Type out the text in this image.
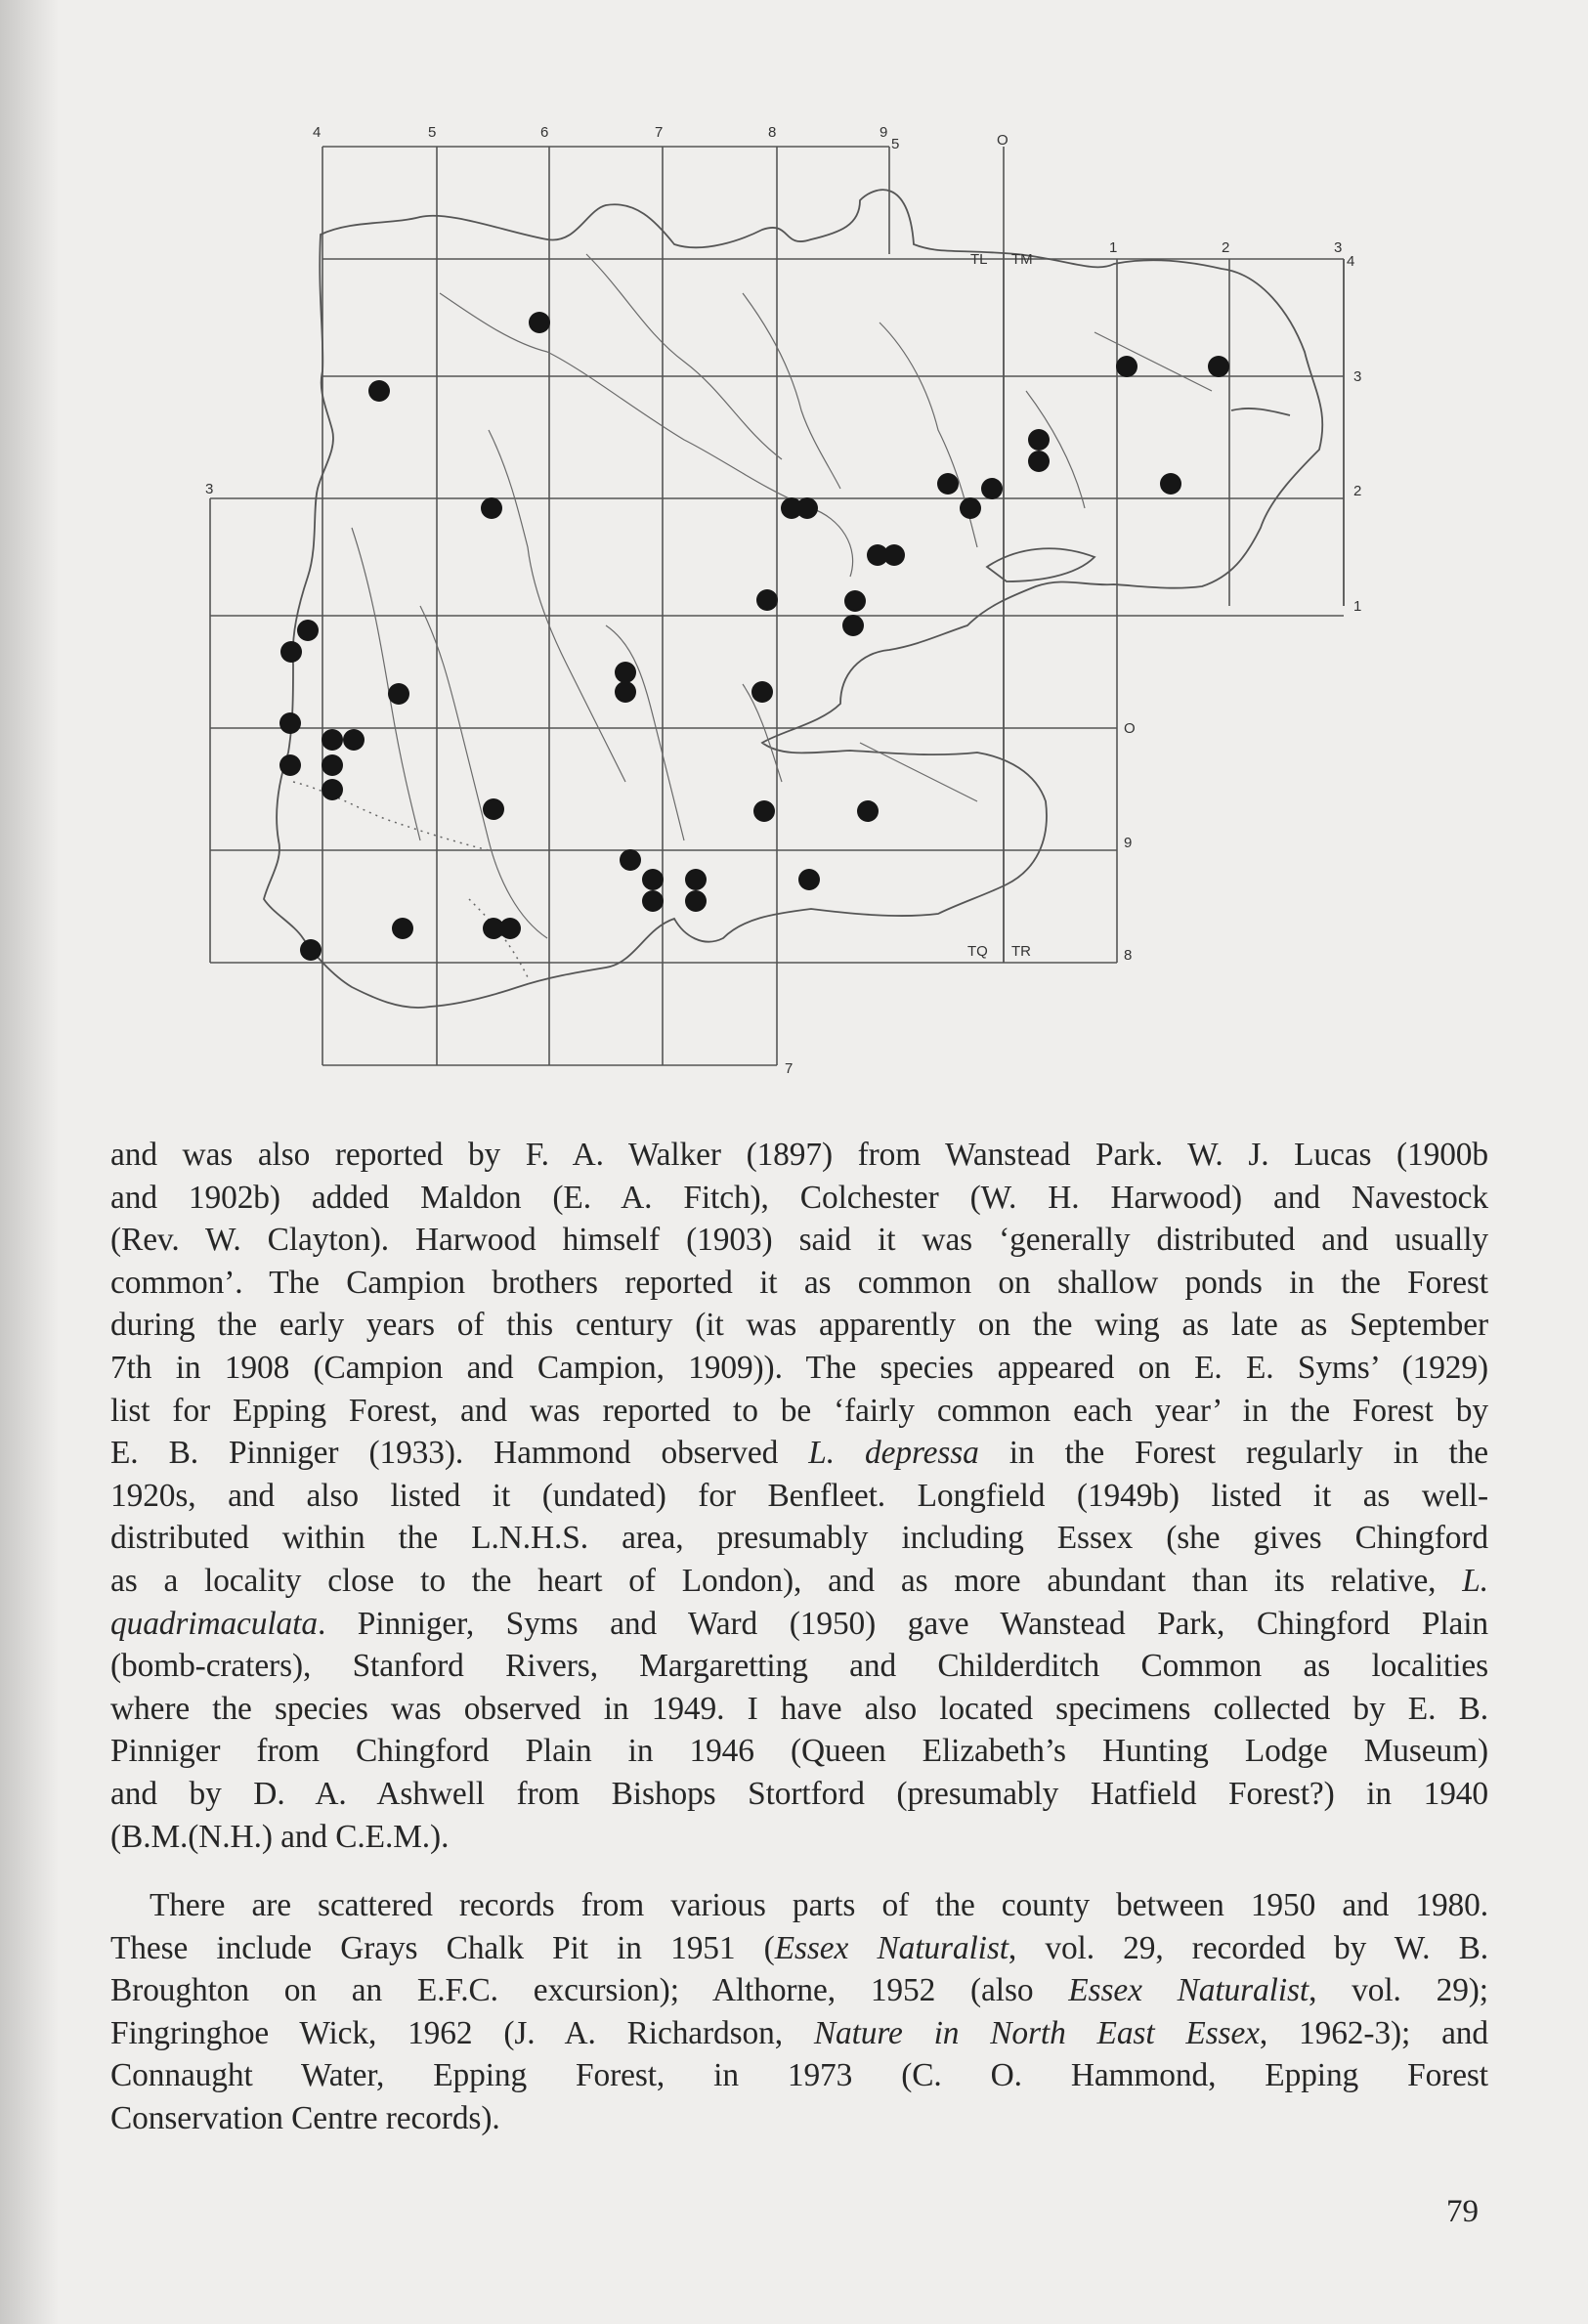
4	5	6	7	8	9
5	O
TL TM
TQ TR
1	2	3
4
3
2
1
O
9
8
3
7
and was also reported by F. A. Walker (1897) from Wanstead Park. W. J. Lucas (1900b
and 1902b) added Maldon (E. A. Fitch), Colchester (W. H. Harwood) and Navestock
(Rev. W. Clayton). Harwood himself (1903) said it was ‘generally distributed and usually
common’. The Campion brothers reported it as common on shallow ponds in the Forest
during the early years of this century (it was apparently on the wing as late as September
7th in 1908 (Campion and Campion, 1909)). The species appeared on E. E. Syms’ (1929)
list for Epping Forest, and was reported to be ‘fairly common each year’ in the Forest by
E. B. Pinniger (1933). Hammond observed L. depressa in the Forest regularly in the
1920s, and also listed it (undated) for Benfleet. Longfield (1949b) listed it as well-
distributed within the L.N.H.S. area, presumably including Essex (she gives Chingford
as a locality close to the heart of London), and as more abundant than its relative, L.
quadrimaculata. Pinniger, Syms and Ward (1950) gave Wanstead Park, Chingford Plain
(bomb-craters), Stanford Rivers, Margaretting and Childerditch Common as localities
where the species was observed in 1949. I have also located specimens collected by E. B.
Pinniger from Chingford Plain in 1946 (Queen Elizabeth’s Hunting Lodge Museum)
and by D. A. Ashwell from Bishops Stortford (presumably Hatfield Forest?) in 1940
(B.M.(N.H.) and C.E.M.).
There are scattered records from various parts of the county between 1950 and 1980.
These include Grays Chalk Pit in 1951 (Essex Naturalist, vol. 29, recorded by W. B.
Broughton on an E.F.C. excursion); Althorne, 1952 (also Essex Naturalist, vol. 29);
Fingringhoe Wick, 1962 (J. A. Richardson, Nature in North East Essex, 1962-3); and
Connaught Water, Epping Forest, in 1973 (C. O. Hammond, Epping Forest
Conservation Centre records).
79
